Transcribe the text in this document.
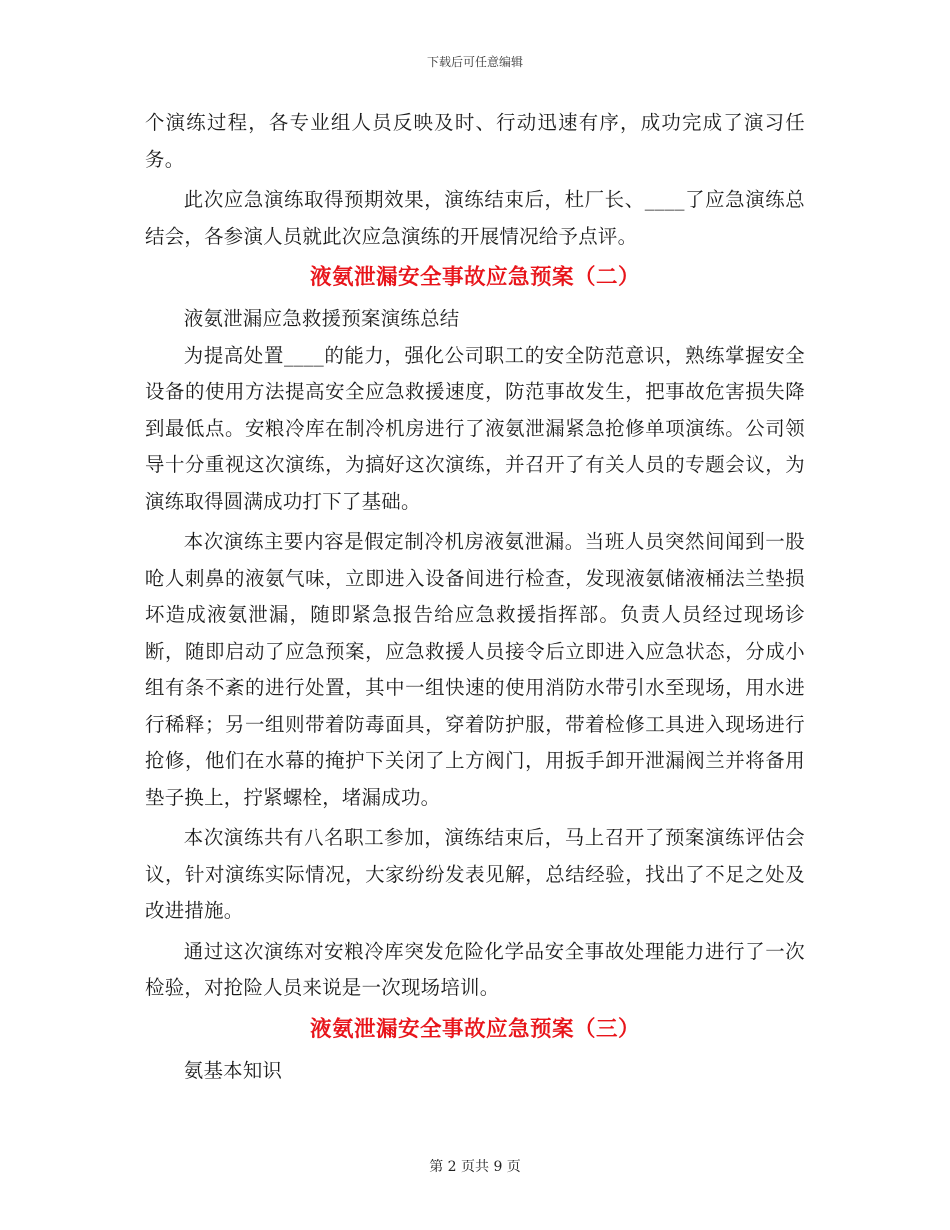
下载后可任意编辑

个演练过程，各专业组人员反映及时、行动迅速有序，成功完成了演习任务。

此次应急演练取得预期效果，演练结束后，杜厂长、____了应急演练总结会，各参演人员就此次应急演练的开展情况给予点评。

液氨泄漏安全事故应急预案（二）

液氨泄漏应急救援预案演练总结

为提高处置____的能力，强化公司职工的安全防范意识，熟练掌握安全设备的使用方法提高安全应急救援速度，防范事故发生，把事故危害损失降到最低点。安粮冷库在制冷机房进行了液氨泄漏紧急抢修单项演练。公司领导十分重视这次演练，为搞好这次演练，并召开了有关人员的专题会议，为演练取得圆满成功打下了基础。

本次演练主要内容是假定制冷机房液氨泄漏。当班人员突然间闻到一股呛人刺鼻的液氨气味，立即进入设备间进行检查，发现液氨储液桶法兰垫损坏造成液氨泄漏，随即紧急报告给应急救援指挥部。负责人员经过现场诊断，随即启动了应急预案，应急救援人员接令后立即进入应急状态，分成小组有条不紊的进行处置，其中一组快速的使用消防水带引水至现场，用水进行稀释；另一组则带着防毒面具，穿着防护服，带着检修工具进入现场进行抢修，他们在水幕的掩护下关闭了上方阀门，用扳手卸开泄漏阀兰并将备用垫子换上，拧紧螺栓，堵漏成功。

本次演练共有八名职工参加，演练结束后，马上召开了预案演练评估会议，针对演练实际情况，大家纷纷发表见解，总结经验，找出了不足之处及改进措施。

通过这次演练对安粮冷库突发危险化学品安全事故处理能力进行了一次检验，对抢险人员来说是一次现场培训。

液氨泄漏安全事故应急预案（三）

氨基本知识

第 2 页共 9 页
